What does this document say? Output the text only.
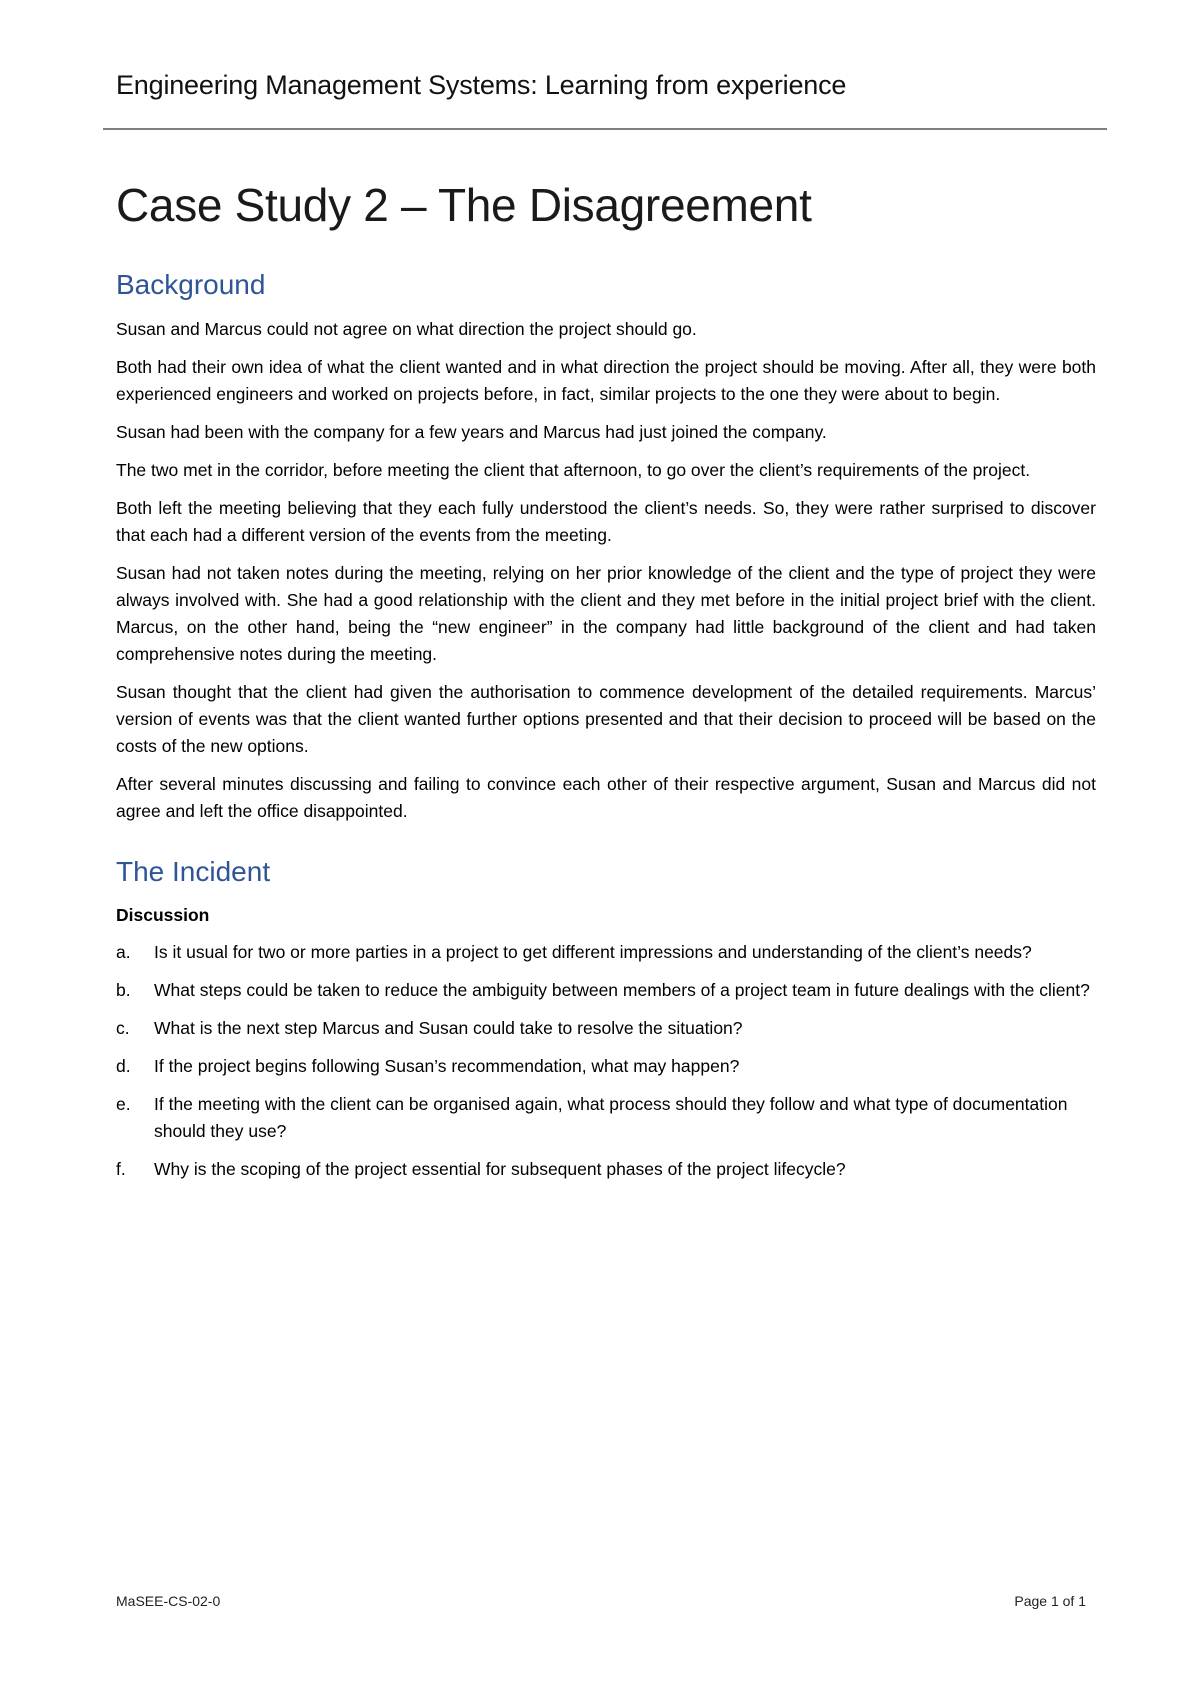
Engineering Management Systems: Learning from experience
Case Study 2 – The Disagreement
Background

Susan and Marcus could not agree on what direction the project should go.

Both had their own idea of what the client wanted and in what direction the project should be moving. After all, they were both experienced engineers and worked on projects before, in fact, similar projects to the one they were about to begin.

Susan had been with the company for a few years and Marcus had just joined the company.

The two met in the corridor, before meeting the client that afternoon, to go over the client’s requirements of the project.

Both left the meeting believing that they each fully understood the client’s needs. So, they were rather surprised to discover that each had a different version of the events from the meeting.

Susan had not taken notes during the meeting, relying on her prior knowledge of the client and the type of project they were always involved with. She had a good relationship with the client and they met before in the initial project brief with the client. Marcus, on the other hand, being the “new engineer” in the company had little background of the client and had taken comprehensive notes during the meeting.

Susan thought that the client had given the authorisation to commence development of the detailed requirements. Marcus’ version of events was that the client wanted further options presented and that their decision to proceed will be based on the costs of the new options.

After several minutes discussing and failing to convince each other of their respective argument, Susan and Marcus did not agree and left the office disappointed.

The Incident
Discussion
a. Is it usual for two or more parties in a project to get different impressions and understanding of the client’s needs?
b. What steps could be taken to reduce the ambiguity between members of a project team in future dealings with the client?
c. What is the next step Marcus and Susan could take to resolve the situation?
d. If the project begins following Susan’s recommendation, what may happen?
e. If the meeting with the client can be organised again, what process should they follow and what type of documentation should they use?
f. Why is the scoping of the project essential for subsequent phases of the project lifecycle?
MaSEE-CS-02-0	Page 1 of 1
